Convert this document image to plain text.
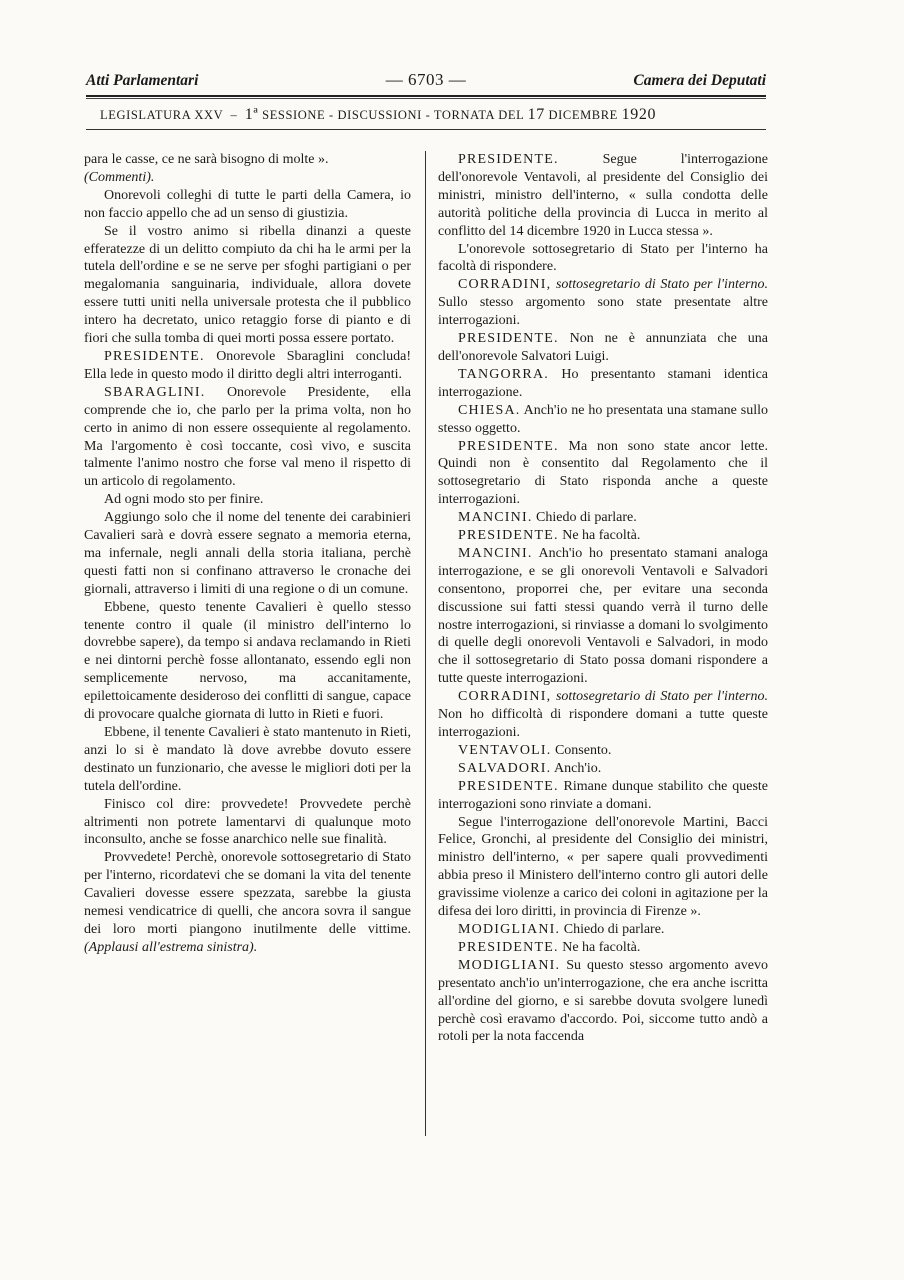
Atti Parlamentari	— 6703 —	Camera dei Deputati
LEGISLATURA XXV – 1ª SESSIONE - DISCUSSIONI - TORNATA DEL 17 DICEMBRE 1920

para le casse, ce ne sarà bisogno di molte ».

(Commenti).

Onorevoli colleghi di tutte le parti della Camera, io non faccio appello che ad un senso di giustizia.

Se il vostro animo si ribella dinanzi a queste efferatezze di un delitto compiuto da chi ha le armi per la tutela dell'ordine e se ne serve per sfoghi partigiani o per megalomania sanguinaria, individuale, allora dovete essere tutti uniti nella universale protesta che il pubblico intero ha decretato, unico retaggio forse di pianto e di fiori che sulla tomba di quei morti possa essere portato.

PRESIDENTE. Onorevole Sbaraglini concluda! Ella lede in questo modo il diritto degli altri interroganti.

SBARAGLINI. Onorevole Presidente, ella comprende che io, che parlo per la prima volta, non ho certo in animo di non essere ossequiente al regolamento. Ma l'argomento è così toccante, così vivo, e suscita talmente l'animo nostro che forse val meno il rispetto di un articolo di regolamento.

Ad ogni modo sto per finire.

Aggiungo solo che il nome del tenente dei carabinieri Cavalieri sarà e dovrà essere segnato a memoria eterna, ma infernale, negli annali della storia italiana, perchè questi fatti non si confinano attraverso le cronache dei giornali, attraverso i limiti di una regione o di un comune.

Ebbene, questo tenente Cavalieri è quello stesso tenente contro il quale (il ministro dell'interno lo dovrebbe sapere), da tempo si andava reclamando in Rieti e nei dintorni perchè fosse allontanato, essendo egli non semplicemente nervoso, ma accanitamente, epilettoicamente desideroso dei conflitti di sangue, capace di provocare qualche giornata di lutto in Rieti e fuori.

Ebbene, il tenente Cavalieri è stato mantenuto in Rieti, anzi lo si è mandato là dove avrebbe dovuto essere destinato un funzionario, che avesse le migliori doti per la tutela dell'ordine.

Finisco col dire: provvedete! Provvedete perchè altrimenti non potrete lamentarvi di qualunque moto inconsulto, anche se fosse anarchico nelle sue finalità.

Provvedete! Perchè, onorevole sottosegretario di Stato per l'interno, ricordatevi che se domani la vita del tenente Cavalieri dovesse essere spezzata, sarebbe la giusta nemesi vendicatrice di quelli, che ancora sovra il sangue dei loro morti piangono inutilmente delle vittime. (Applausi all'estrema sinistra).

PRESIDENTE. Segue l'interrogazione dell'onorevole Ventavoli, al presidente del Consiglio dei ministri, ministro dell'interno, « sulla condotta delle autorità politiche della provincia di Lucca in merito al conflitto del 14 dicembre 1920 in Lucca stessa ».

L'onorevole sottosegretario di Stato per l'interno ha facoltà di rispondere.

CORRADINI, sottosegretario di Stato per l'interno. Sullo stesso argomento sono state presentate altre interrogazioni.

PRESIDENTE. Non ne è annunziata che una dell'onorevole Salvatori Luigi.

TANGORRA. Ho presentanto stamani identica interrogazione.

CHIESA. Anch'io ne ho presentata una stamane sullo stesso oggetto.

PRESIDENTE. Ma non sono state ancor lette. Quindi non è consentito dal Regolamento che il sottosegretario di Stato risponda anche a queste interrogazioni.

MANCINI. Chiedo di parlare.

PRESIDENTE. Ne ha facoltà.

MANCINI. Anch'io ho presentato stamani analoga interrogazione, e se gli onorevoli Ventavoli e Salvadori consentono, proporrei che, per evitare una seconda discussione sui fatti stessi quando verrà il turno delle nostre interrogazioni, si rinviasse a domani lo svolgimento di quelle degli onorevoli Ventavoli e Salvadori, in modo che il sottosegretario di Stato possa domani rispondere a tutte queste interrogazioni.

CORRADINI, sottosegretario di Stato per l'interno. Non ho difficoltà di rispondere domani a tutte queste interrogazioni.

VENTAVOLI. Consento.

SALVADORI. Anch'io.

PRESIDENTE. Rimane dunque stabilito che queste interrogazioni sono rinviate a domani.

Segue l'interrogazione dell'onorevole Martini, Bacci Felice, Gronchi, al presidente del Consiglio dei ministri, ministro dell'interno, « per sapere quali provvedimenti abbia preso il Ministero dell'interno contro gli autori delle gravissime violenze a carico dei coloni in agitazione per la difesa dei loro diritti, in provincia di Firenze ».

MODIGLIANI. Chiedo di parlare.

PRESIDENTE. Ne ha facoltà.

MODIGLIANI. Su questo stesso argomento avevo presentato anch'io un'interrogazione, che era anche iscritta all'ordine del giorno, e si sarebbe dovuta svolgere lunedì perchè così eravamo d'accordo. Poi, siccome tutto andò a rotoli per la nota faccenda
